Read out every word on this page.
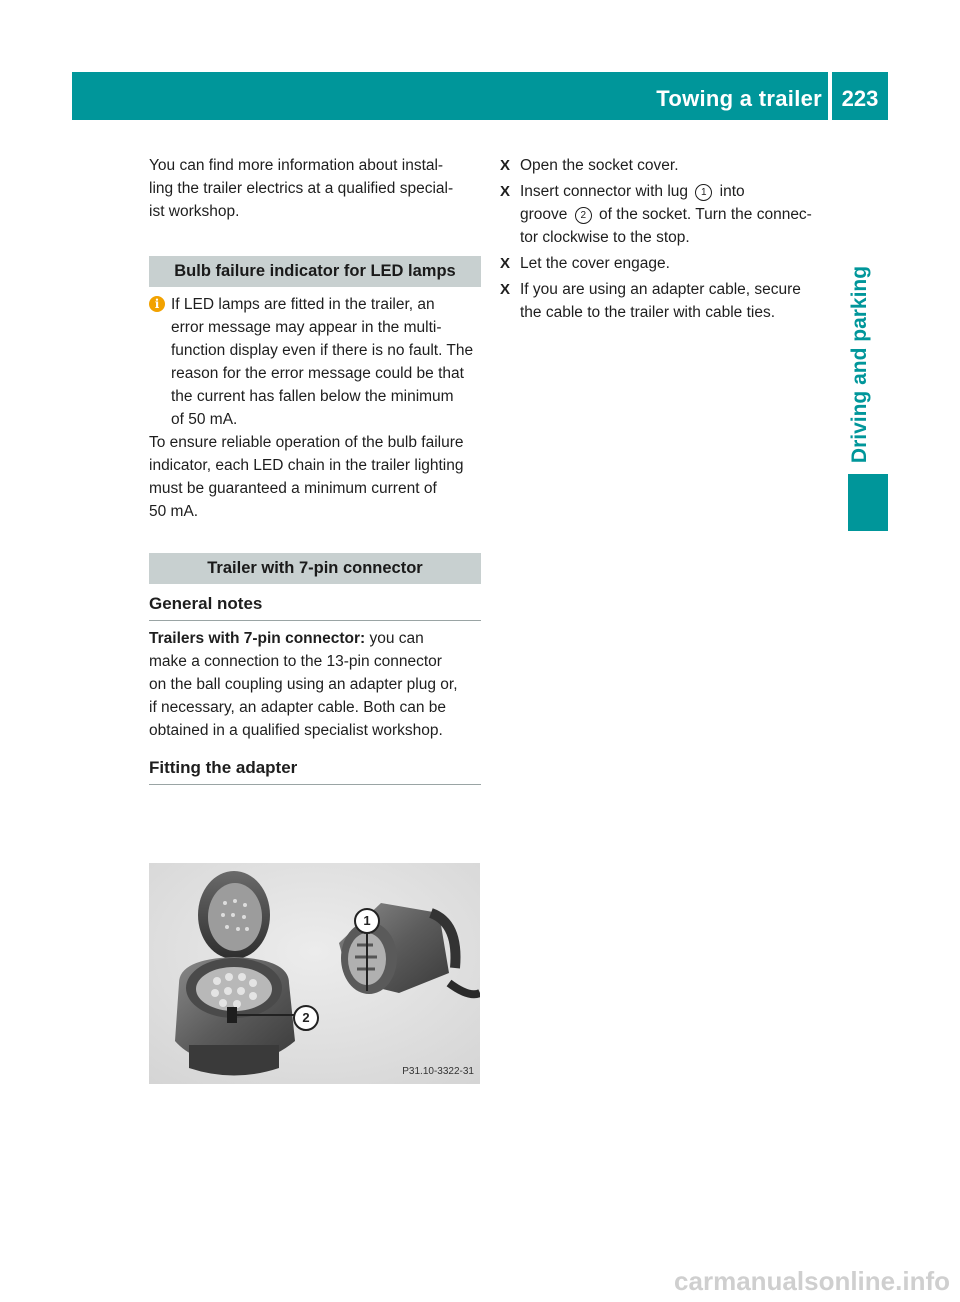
Towing a trailer 223
Driving and parking

You can find more information about instal-

ling the trailer electrics at a qualified special-

ist workshop.

Bulb failure indicator for LED lamps
i If LED lamps are fitted in the trailer, an

error message may appear in the multi-

function display even if there is no fault. The

reason for the error message could be that

the current has fallen below the minimum

of 50 mA.

To ensure reliable operation of the bulb failure

indicator, each LED chain in the trailer lighting

must be guaranteed a minimum current of

50 mA.

Trailer with 7-pin connector
General notes

Trailers with 7-pin connector: you can

make a connection to the 13-pin connector

on the ball coupling using an adapter plug or,

if necessary, an adapter cable. Both can be

obtained in a qualified specialist workshop.

Fitting the adapter

1
2
P31.10-3322-31
X Open the socket cover.

X Insert connector with lug 1 into

groove 2 of the socket. Turn the connec-

tor clockwise to the stop.

X Let the cover engage.

X If you are using an adapter cable, secure

the cable to the trailer with cable ties.

carmanualsonline.info
